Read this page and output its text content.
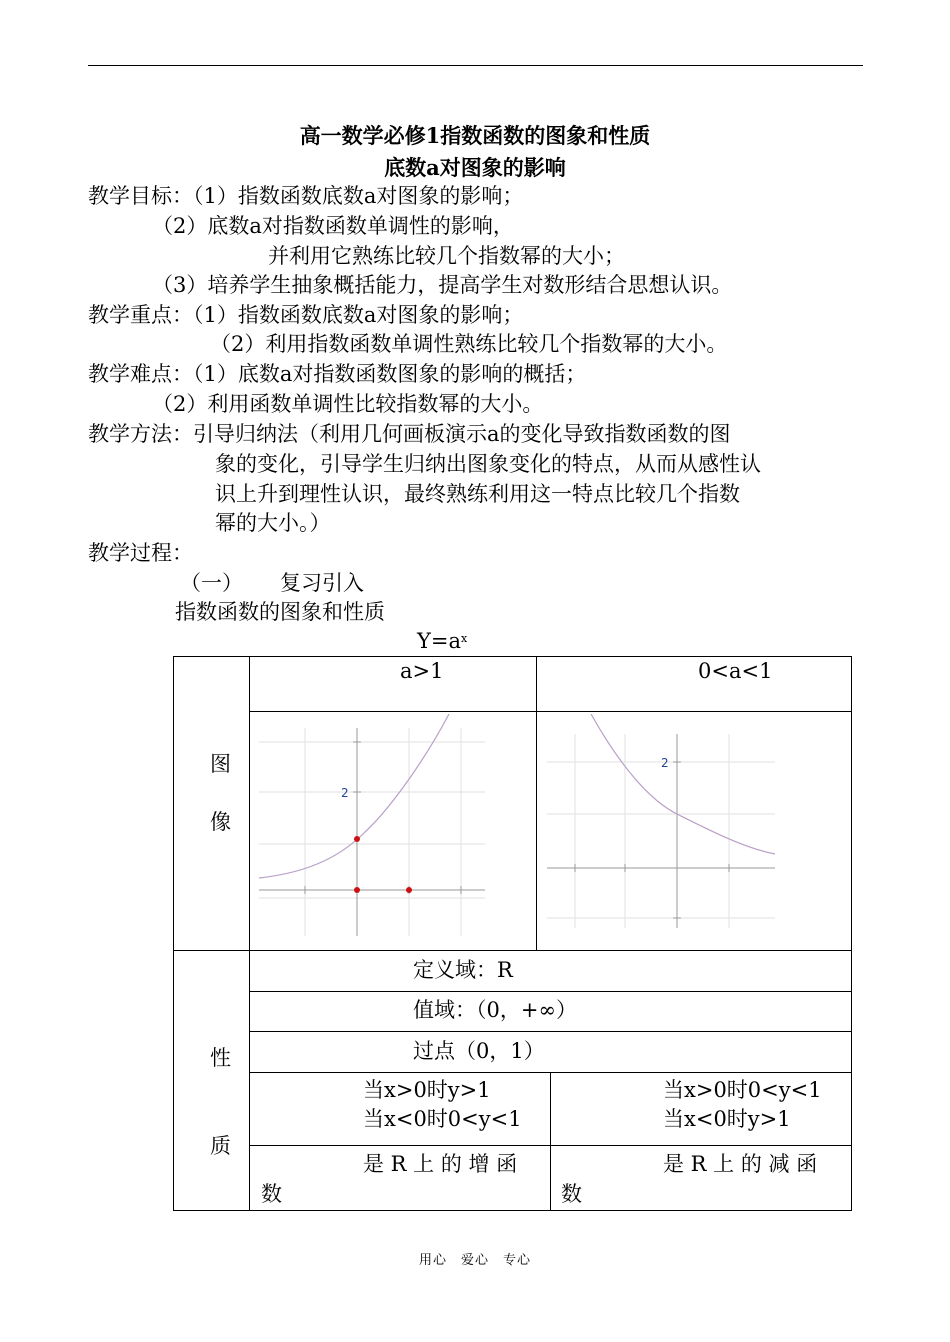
高一数学必修1指数函数的图象和性质
底数a对图象的影响
教学目标：（1）指数函数底数a对图象的影响；
（2）底数a对指数函数单调性的影响，
并利用它熟练比较几个指数幂的大小；
（3）培养学生抽象概括能力，提高学生对数形结合思想认识。
教学重点：（1）指数函数底数a对图象的影响；
（2）利用指数函数单调性熟练比较几个指数幂的大小。
教学难点：（1）底数a对指数函数图象的影响的概括；
（2）利用函数单调性比较指数幂的大小。
教学方法：引导归纳法（利用几何画板演示a的变化导致指数函数的图
象的变化，引导学生归纳出图象变化的特点，从而从感性认
识上升到理性认识，最终熟练利用这一特点比较几个指数
幂的大小。）
教学过程：
（一） 复习引入
指数函数的图象和性质
$Y=a^x$
a>1	0<a<1
图
像
性
质
定义域：R
值域：（0，+∞）
过点（0，1）
当x>0时y>1
当x<0时0<y<1
当x>0时0<y<1
当x<0时y>1
是 R 上 的 增 函
数
是 R 上 的 减 函
数
2
2
用心　爱心　专心
